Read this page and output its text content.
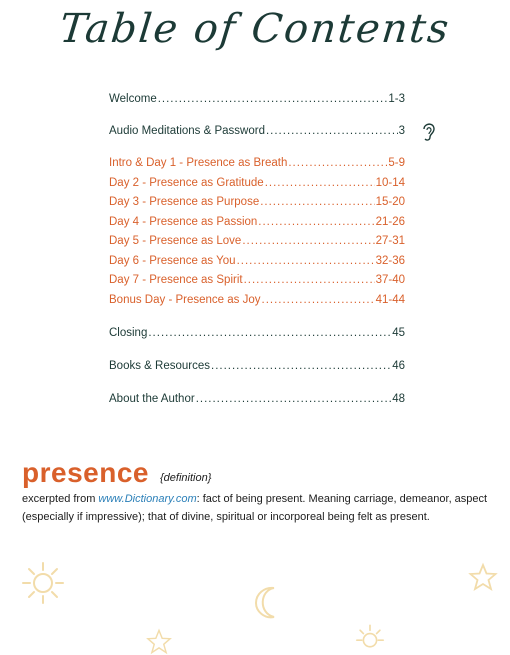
Table of Contents
Welcome .....	1-3
Audio Meditations & Password .....	3
Intro & Day 1 - Presence as Breath .....	5-9
Day 2 - Presence as Gratitude .....	10-14
Day 3 - Presence as Purpose .....	15-20
Day 4 - Presence as Passion .....	21-26
Day 5 - Presence as Love .....	27-31
Day 6 - Presence as You .....	32-36
Day 7 - Presence as Spirit .....	37-40
Bonus Day - Presence as Joy .....	41-44
Closing .....	45
Books & Resources .....	46
About the Author .....	48
presence {definition}
excerpted from www.Dictionary.com: fact of being present. Meaning carriage, demeanor, aspect (especially if impressive); that of divine, spiritual or incorporeal being felt as present.
